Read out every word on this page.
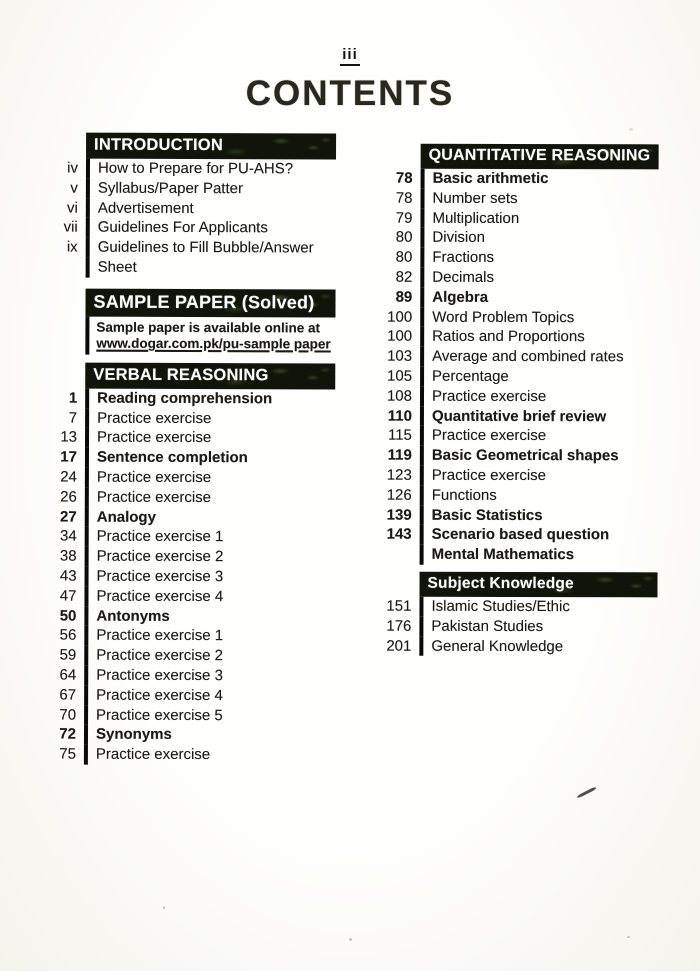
iii
CONTENTS
INTRODUCTION
iv	How to Prepare for PU-AHS?
v	Syllabus/Paper Patter
vi	Advertisement
vii	Guidelines For Applicants
ix	Guidelines to Fill Bubble/Answer
Sheet
SAMPLE PAPER (Solved)
Sample paper is available online at
www.dogar.com.pk/pu-sample paper
VERBAL REASONING
1	Reading comprehension
7	Practice exercise
13	Practice exercise
17	Sentence completion
24	Practice exercise
26	Practice exercise
27	Analogy
34	Practice exercise 1
38	Practice exercise 2
43	Practice exercise 3
47	Practice exercise 4
50	Antonyms
56	Practice exercise 1
59	Practice exercise 2
64	Practice exercise 3
67	Practice exercise 4
70	Practice exercise 5
72	Synonyms
75	Practice exercise
QUANTITATIVE REASONING
78	Basic arithmetic
78	Number sets
79	Multiplication
80	Division
80	Fractions
82	Decimals
89	Algebra
100	Word Problem Topics
100	Ratios and Proportions
103	Average and combined rates
105	Percentage
108	Practice exercise
110	Quantitative brief review
115	Practice exercise
119	Basic Geometrical shapes
123	Practice exercise
126	Functions
139	Basic Statistics
143	Scenario based question
Mental Mathematics
Subject Knowledge
151	Islamic Studies/Ethic
176	Pakistan Studies
201	General Knowledge
